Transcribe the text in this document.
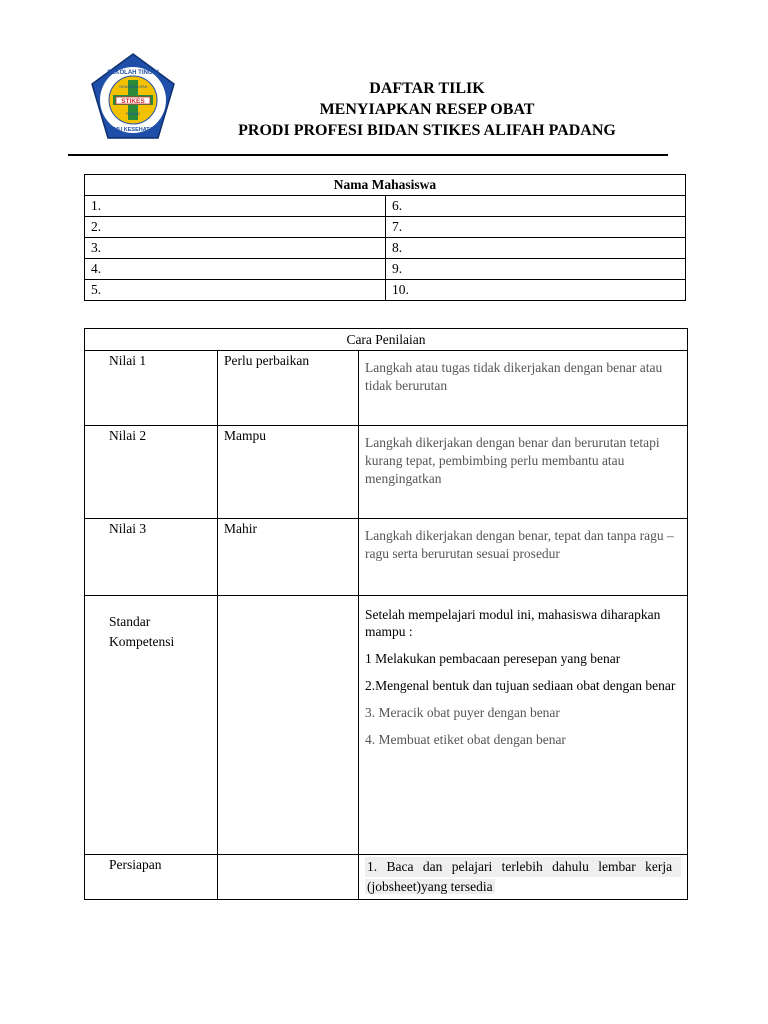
STIKES
SEKOLAH TINGGI
YAYASAN ALIFAH
PADANG
ILMU KESEHATAN
DAFTAR TILIK
MENYIAPKAN RESEP OBAT
PRODI PROFESI BIDAN STIKES ALIFAH PADANG
Nama Mahasiswa	
1.	6.
2.	7.
3.	8.
4.	9.
5.	10.
Cara Penilaian		

Nilai 1	Perlu perbaikan	Langkah atau tugas tidak dikerjakan dengan benar atau tidak berurutan

Nilai 2	Mampu	Langkah dikerjakan dengan benar dan berurutan tetapi kurang tepat, pembimbing perlu membantu atau mengingatkan

Nilai 3	Mahir	Langkah dikerjakan dengan benar, tepat dan tanpa ragu – ragu serta berurutan sesuai prosedur

Standar Kompetensi		Setelah mempelajari modul ini, mahasiswa diharapkan mampu :

1 Melakukan pembacaan peresepan yang benar

2.Mengenal bentuk dan tujuan sediaan obat dengan benar

3. Meracik obat puyer dengan benar

4. Membuat etiket obat dengan benar

Persiapan		1. Baca dan pelajari terlebih dahulu lembar kerja
(jobsheet)yang tersedia
